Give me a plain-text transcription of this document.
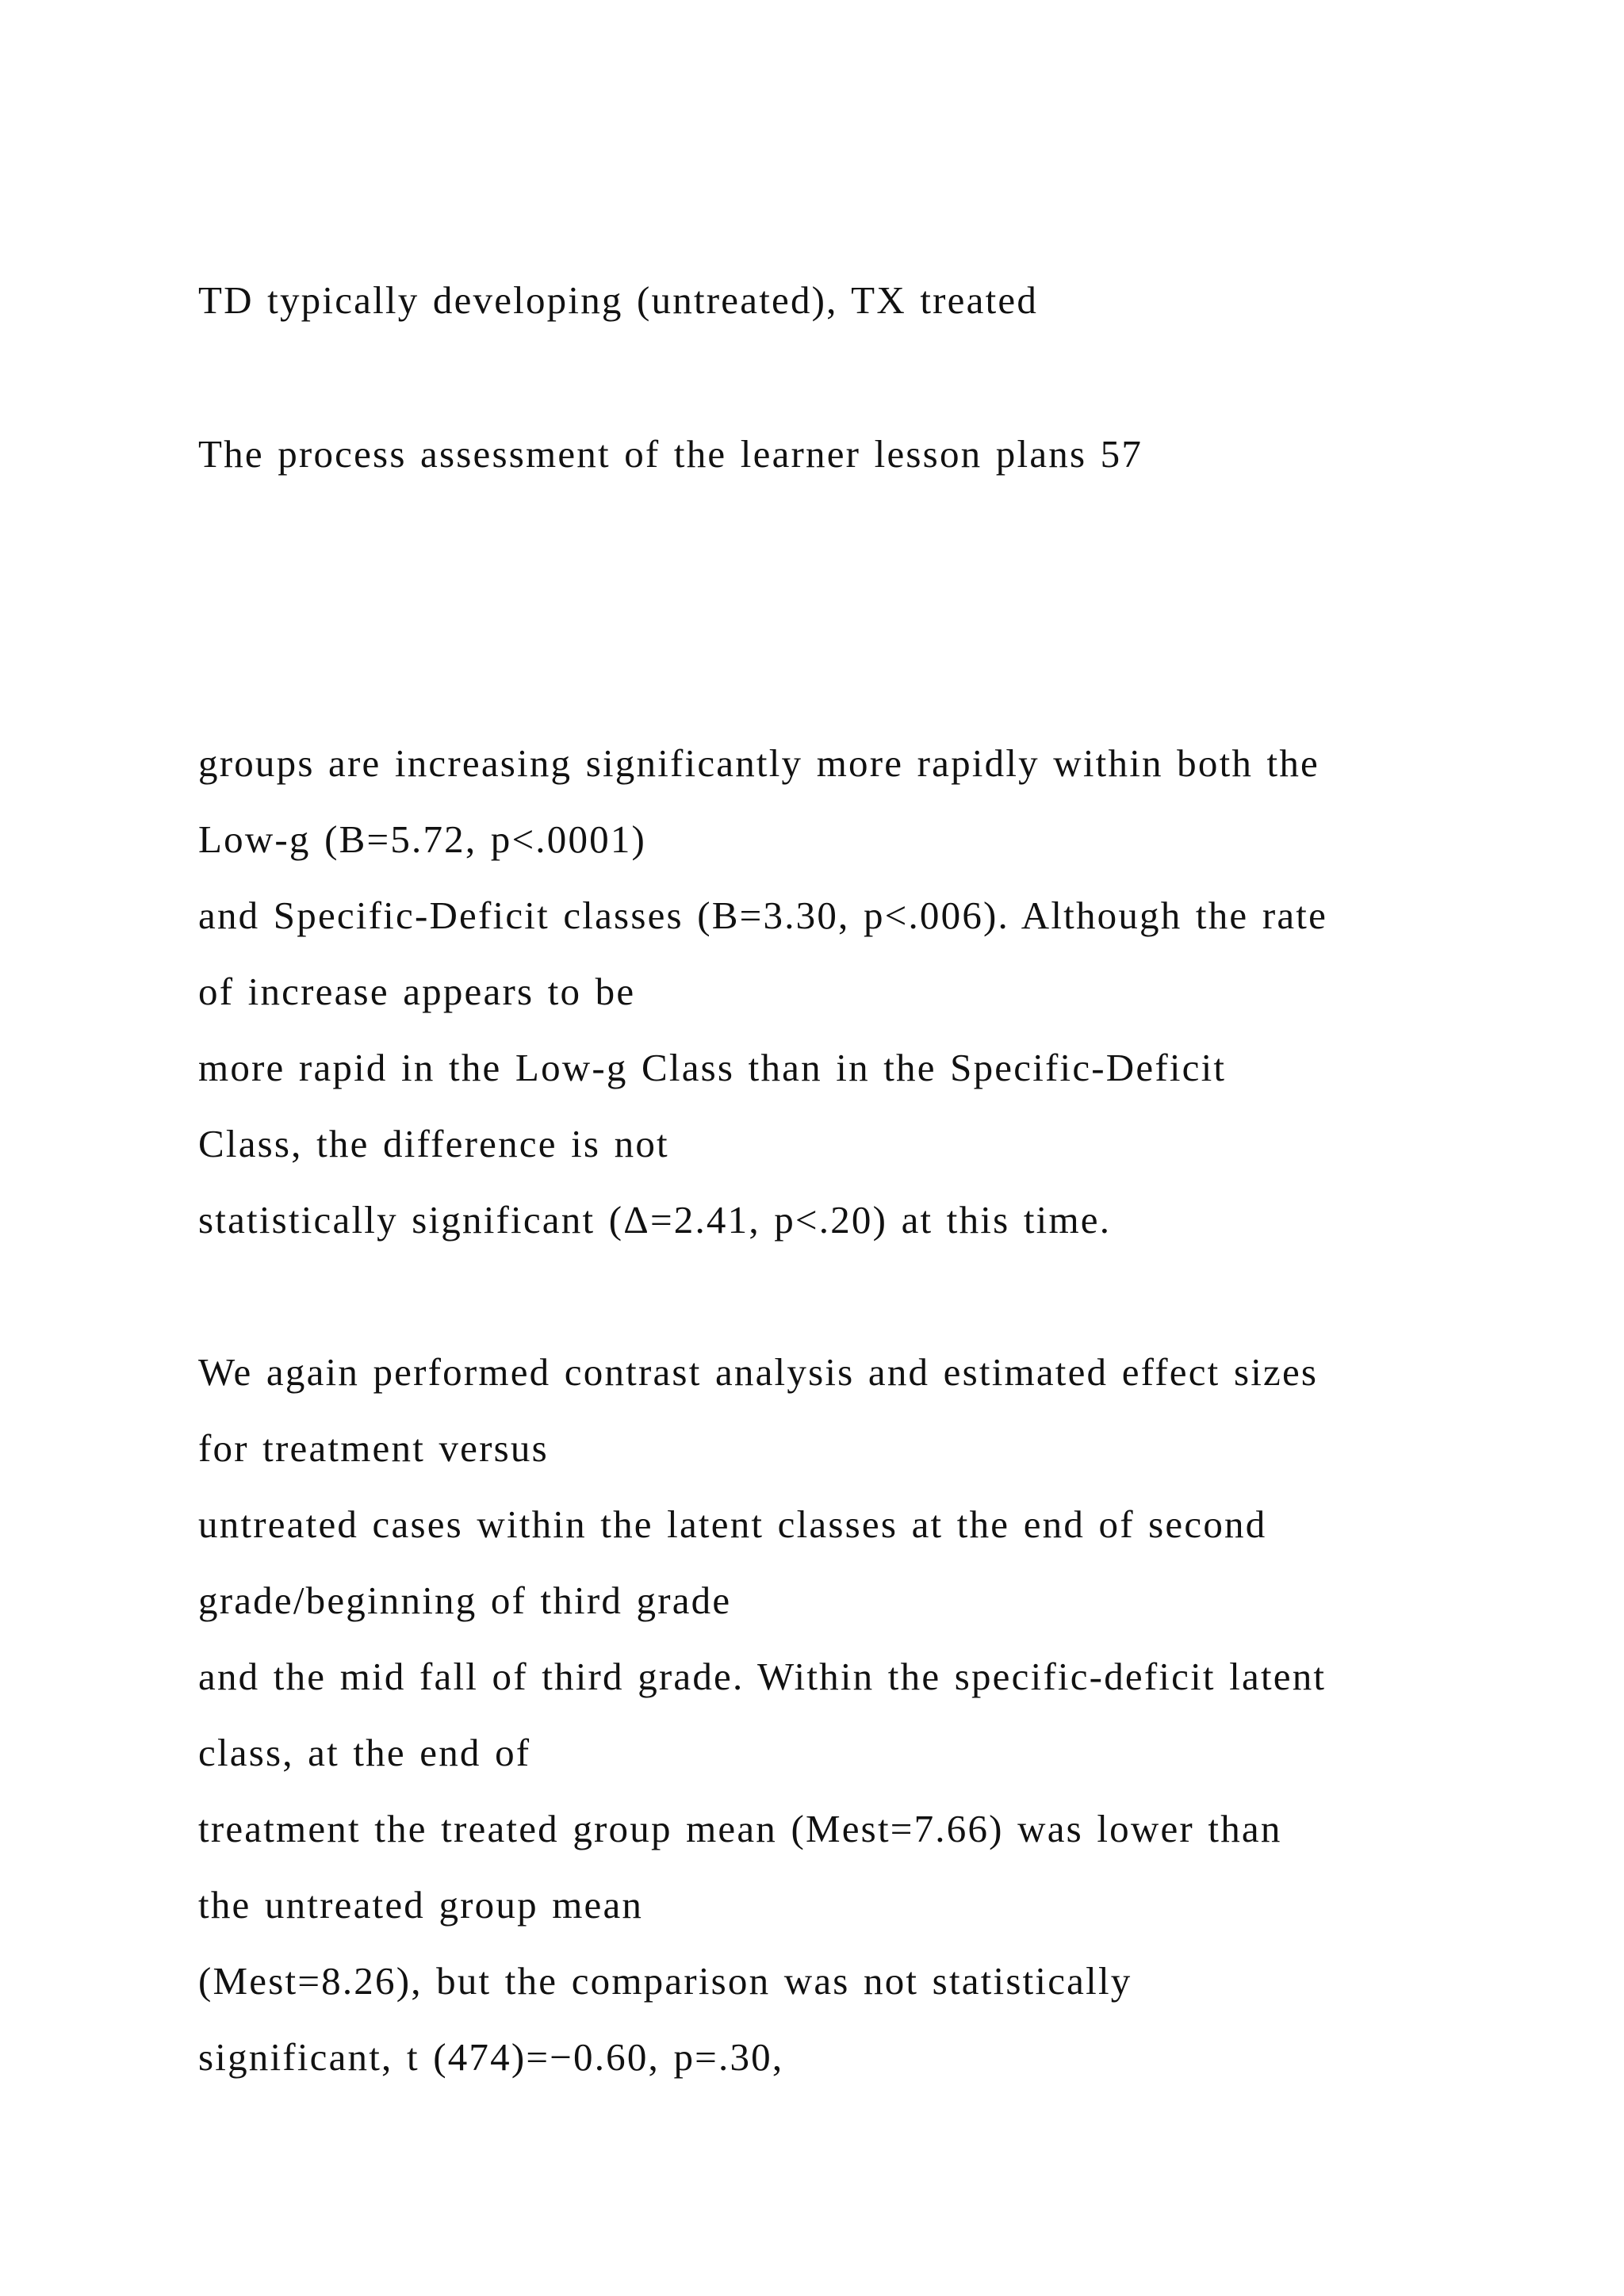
TD typically developing (untreated), TX treated
The process assessment of the learner lesson plans 57
groups are increasing significantly more rapidly within both the
Low-g (B=5.72, p<.0001)
and Specific-Deficit classes (B=3.30, p<.006). Although the rate
of increase appears to be
more rapid in the Low-g Class than in the Specific-Deficit
Class, the difference is not
statistically significant (Δ=2.41, p<.20) at this time.
We again performed contrast analysis and estimated effect sizes
for treatment versus
untreated cases within the latent classes at the end of second
grade/beginning of third grade
and the mid fall of third grade. Within the specific-deficit latent
class, at the end of
treatment the treated group mean (Mest=7.66) was lower than
the untreated group mean
(Mest=8.26), but the comparison was not statistically
significant, t (474)=−0.60, p=.30,
